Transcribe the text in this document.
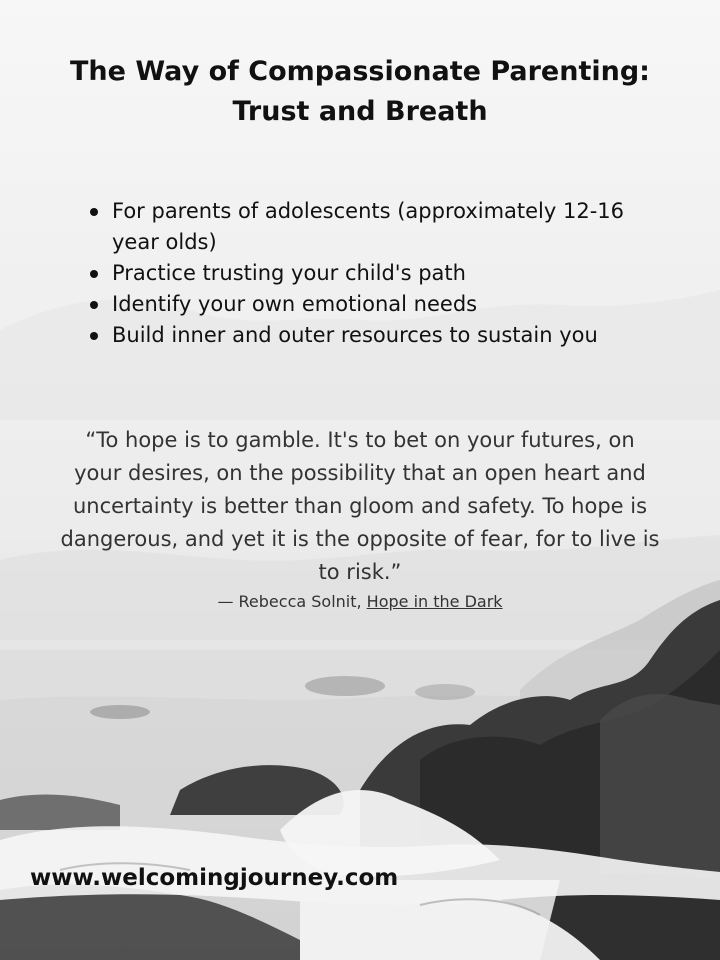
The Way of Compassionate Parenting:
Trust and Breath
For parents of adolescents (approximately 12-16 year olds)
Practice trusting your child's path
Identify your own emotional needs
Build inner and outer resources to sustain you

“To hope is to gamble. It's to bet on your futures, on your desires, on the possibility that an open heart and uncertainty is better than gloom and safety. To hope is dangerous, and yet it is the opposite of fear, for to live is to risk.”

— Rebecca Solnit, Hope in the Dark

www.welcomingjourney.com
